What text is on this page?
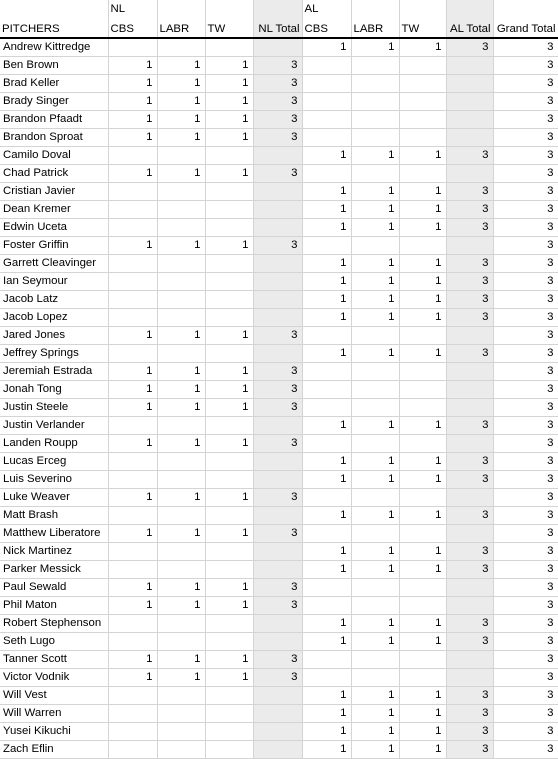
	NL				AL				
PITCHERS	CBS	LABR	TW	NL Total	CBS	LABR	TW	AL Total	Grand Total
Andrew Kittredge					1	1	1	3	3
Ben Brown	1	1	1	3					3
Brad Keller	1	1	1	3					3
Brady Singer	1	1	1	3					3
Brandon Pfaadt	1	1	1	3					3
Brandon Sproat	1	1	1	3					3
Camilo Doval					1	1	1	3	3
Chad Patrick	1	1	1	3					3
Cristian Javier					1	1	1	3	3
Dean Kremer					1	1	1	3	3
Edwin Uceta					1	1	1	3	3
Foster Griffin	1	1	1	3					3
Garrett Cleavinger					1	1	1	3	3
Ian Seymour					1	1	1	3	3
Jacob Latz					1	1	1	3	3
Jacob Lopez					1	1	1	3	3
Jared Jones	1	1	1	3					3
Jeffrey Springs					1	1	1	3	3
Jeremiah Estrada	1	1	1	3					3
Jonah Tong	1	1	1	3					3
Justin Steele	1	1	1	3					3
Justin Verlander					1	1	1	3	3
Landen Roupp	1	1	1	3					3
Lucas Erceg					1	1	1	3	3
Luis Severino					1	1	1	3	3
Luke Weaver	1	1	1	3					3
Matt Brash					1	1	1	3	3
Matthew Liberatore	1	1	1	3					3
Nick Martinez					1	1	1	3	3
Parker Messick					1	1	1	3	3
Paul Sewald	1	1	1	3					3
Phil Maton	1	1	1	3					3
Robert Stephenson					1	1	1	3	3
Seth Lugo					1	1	1	3	3
Tanner Scott	1	1	1	3					3
Victor Vodnik	1	1	1	3					3
Will Vest					1	1	1	3	3
Will Warren					1	1	1	3	3
Yusei Kikuchi					1	1	1	3	3
Zach Eflin					1	1	1	3	3
